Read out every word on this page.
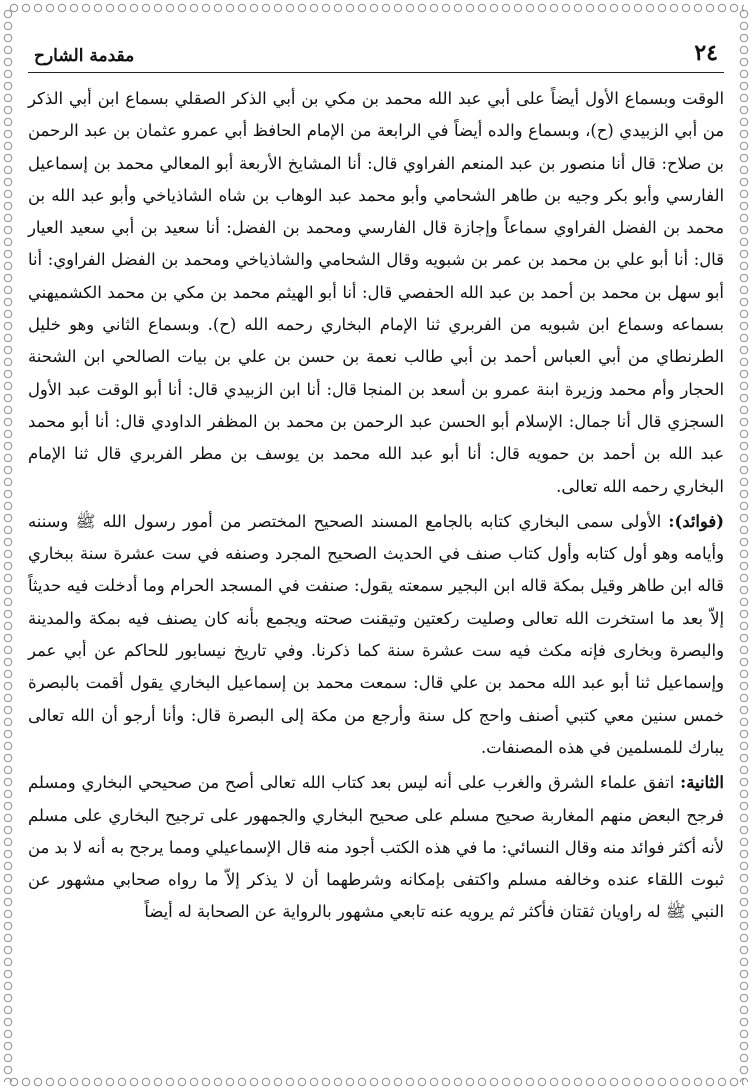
٢٤
مقدمة الشارح

الوقت وبسماع الأول أيضاً على أبي عبد الله محمد بن مكي بن أبي الذكر الصقلي بسماع ابن أبي الذكر من أبي الزبيدي (ح)، وبسماع والده أيضاً في الرابعة من الإمام الحافظ أبي عمرو عثمان بن عبد الرحمن بن صلاح: قال أنا منصور بن عبد المنعم الفراوي قال: أنا المشايخ الأربعة أبو المعالي محمد بن إسماعيل الفارسي وأبو بكر وجيه بن طاهر الشحامي وأبو محمد عبد الوهاب بن شاه الشاذياخي وأبو عبد الله بن محمد بن الفضل الفراوي سماعاً وإجازة قال الفارسي ومحمد بن الفضل: أنا سعيد بن أبي سعيد العيار قال: أنا أبو علي بن محمد بن عمر بن شبويه وقال الشحامي والشاذياخي ومحمد بن الفضل الفراوي: أنا أبو سهل بن محمد بن أحمد بن عبد الله الحفصي قال: أنا أبو الهيثم محمد بن مكي بن محمد الكشميهني بسماعه وسماع ابن شبويه من الفربري ثنا الإمام البخاري رحمه الله (ح). وبسماع الثاني وهو خليل الطرنطاي من أبي العباس أحمد بن أبي طالب نعمة بن حسن بن علي بن بيات الصالحي ابن الشحنة الحجار وأم محمد وزيرة ابنة عمرو بن أسعد بن المنجا قال: أنا ابن الزبيدي قال: أنا أبو الوقت عبد الأول السجزي قال أنا جمال: الإسلام أبو الحسن عبد الرحمن بن محمد بن المظفر الداودي قال: أنا أبو محمد عبد الله بن أحمد بن حمويه قال: أنا أبو عبد الله محمد بن يوسف بن مطر الفربري قال ثنا الإمام البخاري رحمه الله تعالى.

(فوائد): الأولى سمى البخاري كتابه بالجامع المسند الصحيح المختصر من أمور رسول الله ﷺ وسننه وأيامه وهو أول كتابه وأول كتاب صنف في الحديث الصحيح المجرد وصنفه في ست عشرة سنة ببخاري قاله ابن طاهر وقيل بمكة قاله ابن البجير سمعته يقول: صنفت في المسجد الحرام وما أدخلت فيه حديثاً إلاّ بعد ما استخرت الله تعالى وصليت ركعتين وتيقنت صحته ويجمع بأنه كان يصنف فيه بمكة والمدينة والبصرة وبخارى فإنه مكث فيه ست عشرة سنة كما ذكرنا. وفي تاريخ نيسابور للحاكم عن أبي عمر وإسماعيل ثنا أبو عبد الله محمد بن علي قال: سمعت محمد بن إسماعيل البخاري يقول أقمت بالبصرة خمس سنين معي كتبي أصنف واحج كل سنة وأرجع من مكة إلى البصرة قال: وأنا أرجو أن الله تعالى يبارك للمسلمين في هذه المصنفات.

الثانية: اتفق علماء الشرق والغرب على أنه ليس بعد كتاب الله تعالى أصح من صحيحي البخاري ومسلم فرجح البعض منهم المغاربة صحيح مسلم على صحيح البخاري والجمهور على ترجيح البخاري على مسلم لأنه أكثر فوائد منه وقال النسائي: ما في هذه الكتب أجود منه قال الإسماعيلي ومما يرجح به أنه لا بد من ثبوت اللقاء عنده وخالفه مسلم واكتفى بإمكانه وشرطهما أن لا يذكر إلاّ ما رواه صحابي مشهور عن النبي ﷺ له راويان ثقتان فأكثر ثم يرويه عنه تابعي مشهور بالرواية عن الصحابة له أيضاً
